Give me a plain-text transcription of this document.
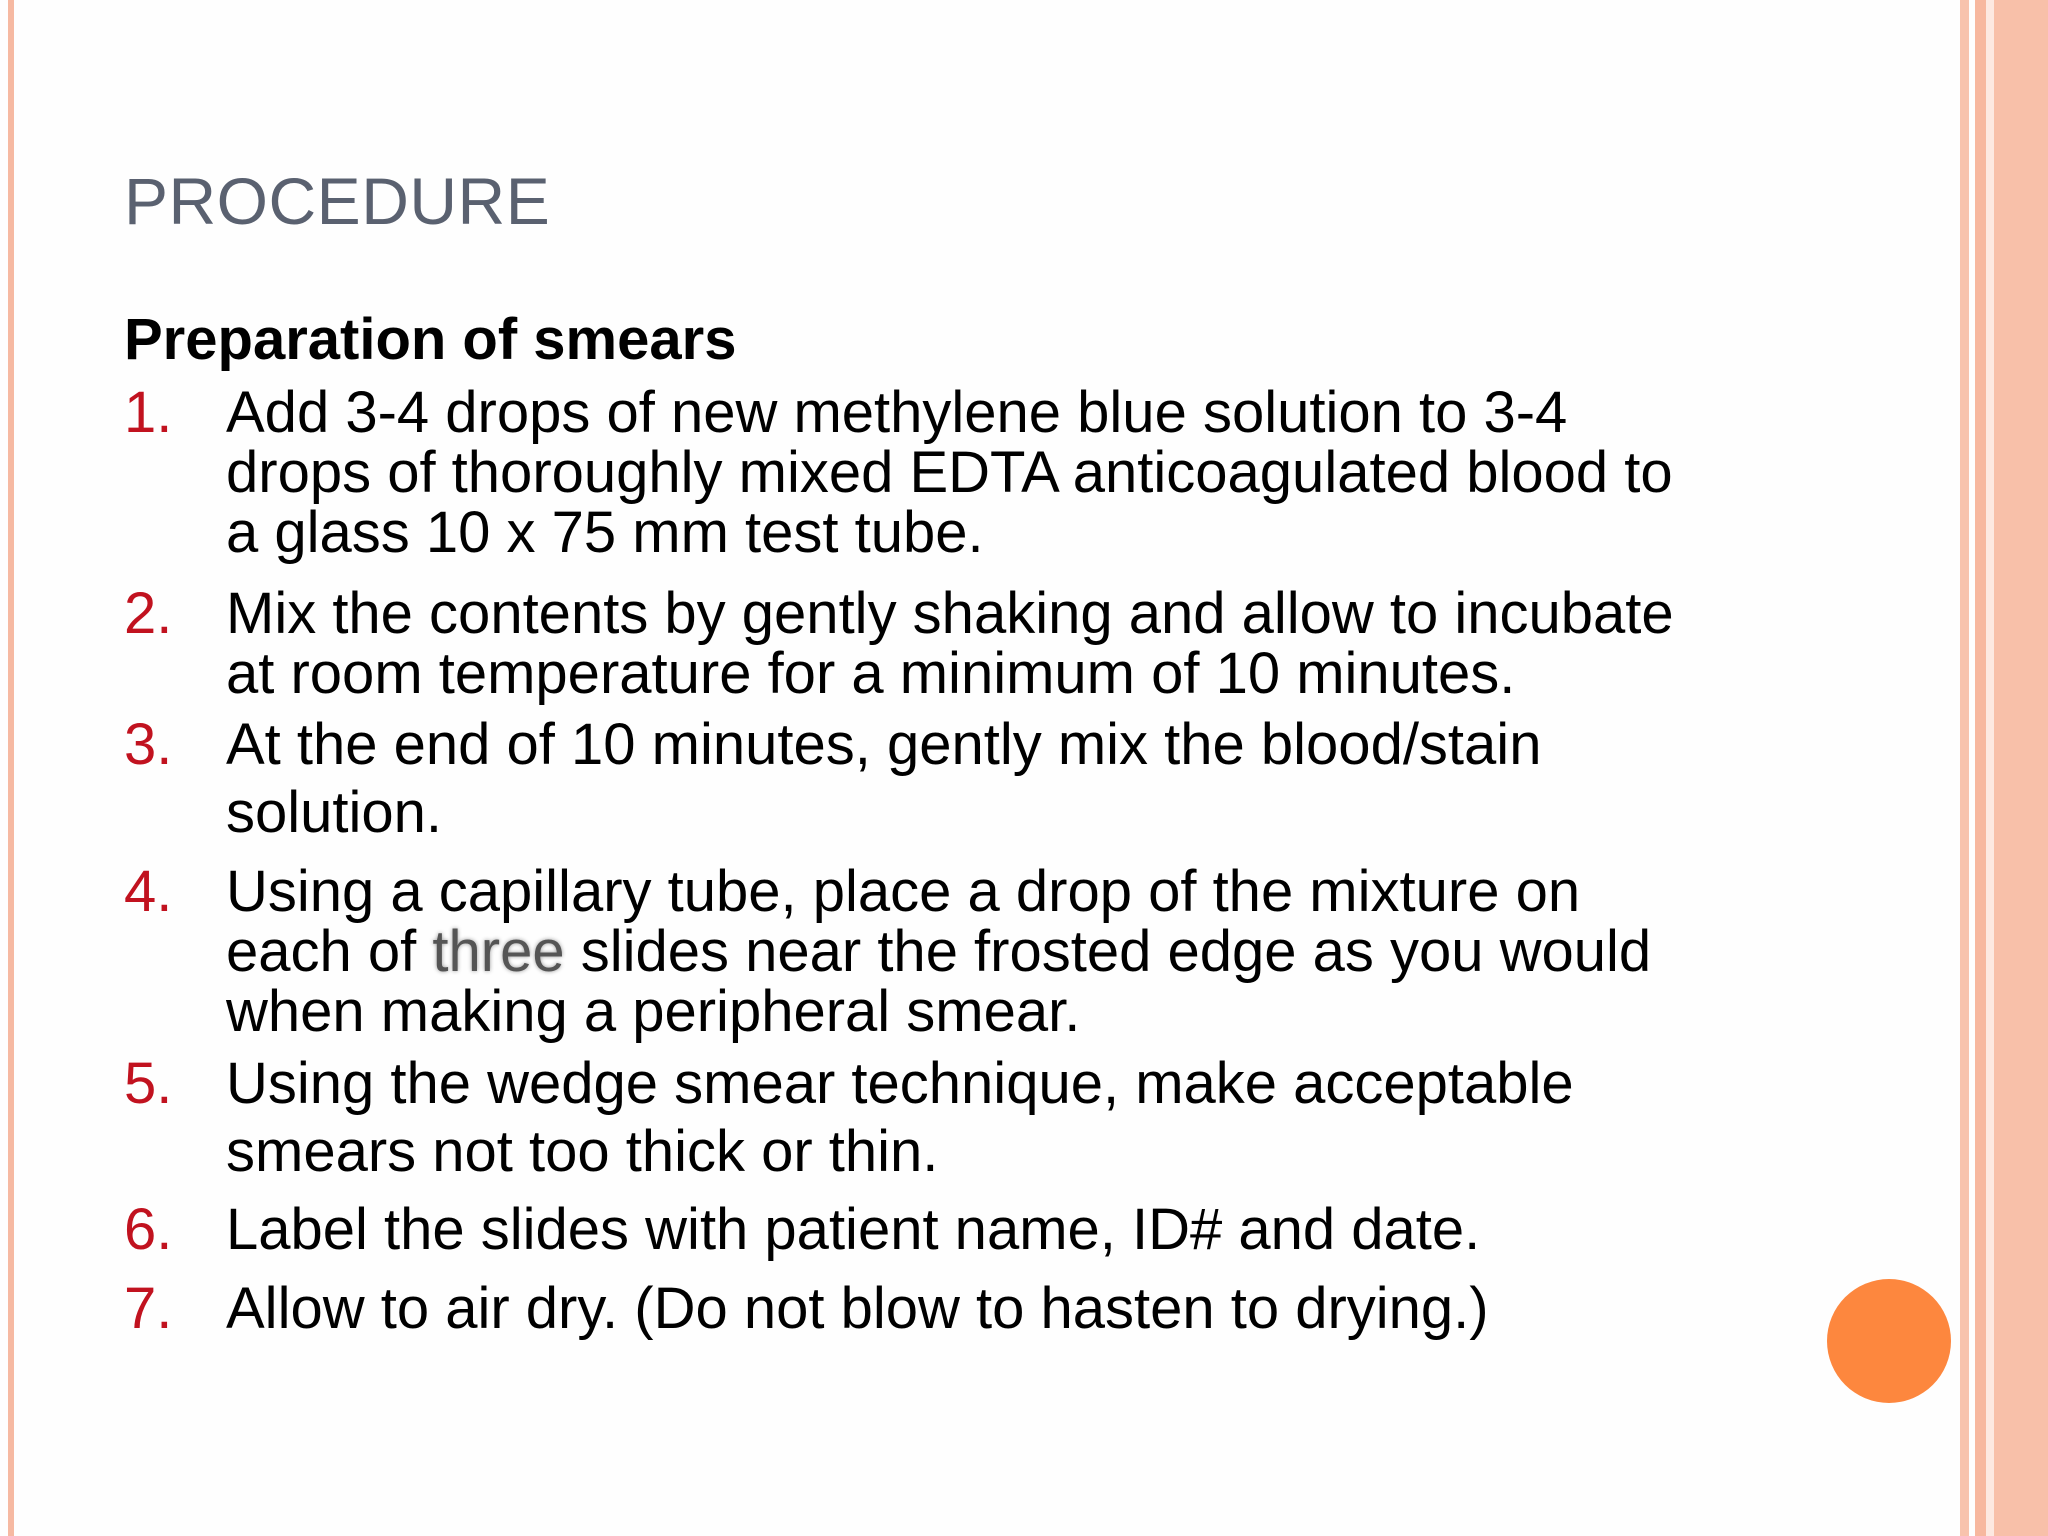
PROCEDURE
Preparation of smears
1. Add 3-4 drops of new methylene blue solution to 3-4
drops of thoroughly mixed EDTA anticoagulated blood to
a glass 10 x 75 mm test tube.
2. Mix the contents by gently shaking and allow to incubate
at room temperature for a minimum of 10 minutes.
3. At the end of 10 minutes, gently mix the blood/stain
solution.
4. Using a capillary tube, place a drop of the mixture on
each of three slides near the frosted edge as you would
when making a peripheral smear.
5. Using the wedge smear technique, make acceptable
smears not too thick or thin.
6. Label the slides with patient name, ID# and date.
7. Allow to air dry. (Do not blow to hasten to drying.)
